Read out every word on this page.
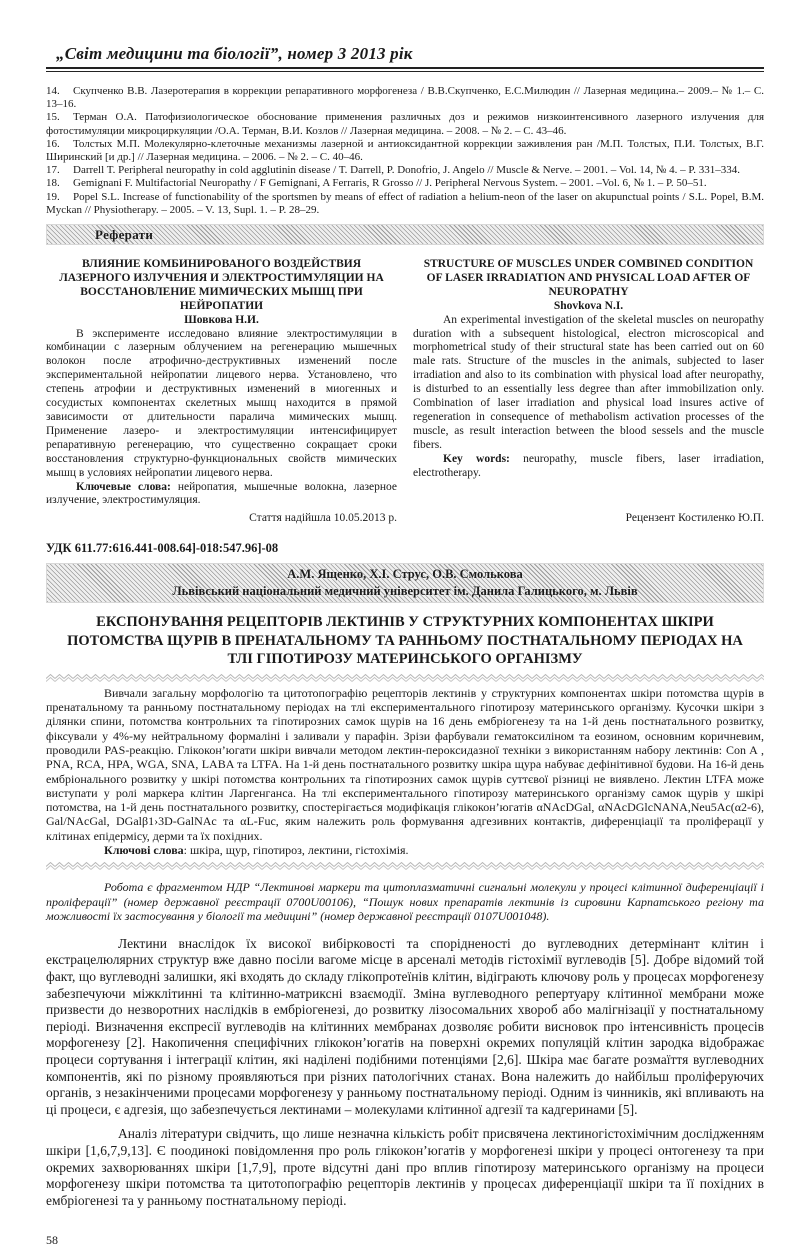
„Світ медицини та біології”, номер 3 2013 рік

14. Скупченко В.В. Лазеротерапия в коррекции репаративного морфогенеза / В.В.Скупченко, Е.С.Милюдин // Лазерная медицина.– 2009.– № 1.– С. 13–16.

15. Терман О.А. Патофизиологическое обоснование применения различных доз и режимов низкоинтенсивного лазерного излучения для фотостимуляции микроциркуляции /О.А. Терман, В.И. Козлов // Лазерная медицина. – 2008. – № 2. – С. 43–46.

16. Толстых М.П. Молекулярно-клеточные механизмы лазерной и антиоксидантной коррекции заживления ран /М.П. Толстых, П.И. Толстых, В.Г. Ширинский [и др.] // Лазерная медицина. – 2006. – № 2. – С. 40–46.

17. Darrell T. Peripheral neuropathy in cold agglutinin disease / T. Darrell, P. Donofrio, J. Angelo // Muscle & Nerve. – 2001. – Vol. 14, № 4. – P. 331–334.

18. Gemignani F. Multifactorial Neuropathy / F Gemignani, A Ferraris, R Grosso // J. Peripheral Nervous System. – 2001. –Vol. 6, № 1. – P. 50–51.

19. Popel S.L. Increase of functionability of the sportsmen by means of effect of radiation a helium-neon of the laser on akupunctual points / S.L. Popel, B.M. Myckan // Physiotherapy. – 2005. – V. 13, Supl. 1. – P. 28–29.

Реферати
ВЛИЯНИЕ КОМБИНИРОВАНОГО ВОЗДЕЙСТВИЯ ЛАЗЕРНОГО ИЗЛУЧЕНИЯ И ЭЛЕКТРОСТИМУЛЯЦИИ НА ВОССТАНОВЛЕНИЕ МИМИЧЕСКИХ МЫШЦ ПРИ НЕЙРОПАТИИ
Шовкова Н.И.

В эксперименте исследовано влияние электростимуляции в комбинации с лазерным облучением на регенерацию мышечных волокон после атрофично-деструктивных изменений после экспериментальной нейропатии лицевого нерва. Установлено, что степень атрофии и деструктивных изменений в миогенных и сосудистых компонентах скелетных мышц находится в прямой зависимости от длительности паралича мимических мышц. Применение лазеро- и электростимуляции интенсифицирует репаративную регенерацию, что существенно сокращает сроки восстановления структурно-функциональных свойств мимических мышц в условиях нейропатии лицевого нерва.

Ключевые слова: нейропатия, мышечные волокна, лазерное излучение, электростимуляция.

Стаття надійшла 10.05.2013 р.
STRUCTURE OF MUSCLES UNDER COMBINED CONDITION OF LASER IRRADIATION AND PHYSICAL LOAD AFTER OF NEUROPATHY
Shovkova N.I.

An experimental investigation of the skeletal muscles on neuropathy duration with a subsequent histological, electron microscopical and morphometrical study of their structural state has been carried out on 60 male rats. Structure of the muscles in the animals, subjected to laser irradiation and also to its combination with physical load after neuropathy, is disturbed to an essentially less degree than after immobilization only. Combination of laser irradiation and physical load insures active of regeneration in consequence of methabolism activation processes of the muscle, as result interaction between the blood sessels and the muscle fibers.

Key words: neuropathy, muscle fibers, laser irradiation, electrotherapy.

Рецензент Костиленко Ю.П.
УДК 611.77:616.441-008.64]-018:547.96]-08
А.М. Ященко, Х.І. Струс, О.В. Смолькова
Львівський національний медичний університет ім. Данила Галицького, м. Львів
ЕКСПОНУВАННЯ РЕЦЕПТОРІВ ЛЕКТИНІВ У СТРУКТУРНИХ КОМПОНЕНТАХ ШКІРИ ПОТОМСТВА ЩУРІВ В ПРЕНАТАЛЬНОМУ ТА РАННЬОМУ ПОСТНАТАЛЬНОМУ ПЕРІОДАХ НА ТЛІ ГІПОТИРОЗУ МАТЕРИНСЬКОГО ОРГАНІЗМУ

Вивчали загальну морфологію та цитотопографію рецепторів лектинів у структурних компонентах шкіри потомства щурів в пренатальному та ранньому постнатальному періодах на тлі експериментального гіпотирозу материнського організму. Кусочки шкіри з ділянки спини, потомства контрольних та гіпотирозних самок щурів на 16 день ембріогенезу та на 1-й день постнатального розвитку, фіксували у 4%-му нейтральному формаліні і заливали у парафін. Зрізи фарбували гематоксиліном та еозином, основним коричневим, проводили PAS-реакцію. Глікокон’югати шкіри вивчали методом лектин-пероксидазної техніки з використанням набору лектинів: Con A , PNA, RCA, HPA, WGA, SNA, LABA та LTFA. На 1-й день постнатального розвитку шкіра щура набуває дефінітивної будови. На 16-й день ембріонального розвитку у шкірі потомства контрольних та гіпотирозних самок щурів суттєвої різниці не виявлено. Лектин LTFA може виступати у ролі маркера клітин Ларгенганса. На тлі експериментального гіпотирозу материнського організму самок щурів у шкірі потомства, на 1-й день постнатального розвитку, спостерігається модифікація глікокон’югатів αNAcDGal, αNAcDGlcNANA,Neu5Ac(α2-6), Gal/NAcGal, DGalβ1›3D-GalNAc та αL-Fuc, яким належить роль формування адгезивних контактів, диференціації та проліферації у клітинах епідермісу, дерми та їх похідних.

Ключові слова: шкіра, щур, гіпотироз, лектини, гістохімія.

Робота є фрагментом НДР “Лектинові маркери та цитоплазматичні сигнальні молекули у процесі клітинної диференціації і проліферації” (номер державної реєстрації 0700U00106), “Пошук нових препаратів лектинів із сировини Карпатського регіону та можливості їх застосування у біології та медицині” (номер державної реєстрації 0107U001048).

Лектини внаслідок їх високої вибірковості та спорідненості до вуглеводних детермінант клітин і екстрацелюлярних структур вже давно посіли вагоме місце в арсеналі методів гістохімії вуглеводів [5]. Добре відомий той факт, що вуглеводні залишки, які входять до складу глікопротеїнів клітин, відіграють ключову роль у процесах морфогенезу забезпечуючи міжклітинні та клітинно-матриксні взаємодії. Зміна вуглеводного репертуару клітинної мембрани може призвести до незворотних наслідків в ембріогенезі, до розвитку лізосомальних хвороб або малігнізації у постнатальному періоді. Визначення експресії вуглеводів на клітинних мембранах дозволяє робити висновок про інтенсивність процесів морфогенезу [2]. Накопичення специфічних глікокон’югатів на поверхні окремих популяцій клітин зародка відображає процеси сортування і інтеграції клітин, які наділені подібними потенціями [2,6]. Шкіра має багате розмаїття вуглеводних компонентів, які по різному проявляються при різних патологічних станах. Вона належить до найбільш проліферуючих органів, з незакінченими процесами морфогенезу у ранньому постнатальному періоді. Одним із чинників, які впливають на ці процеси, є адгезія, що забезпечується лектинами – молекулами клітинної адгезії та кадгеринами [5].

Аналіз літератури свідчить, що лише незначна кількість робіт присвячена лектиногістохімічним дослідженням шкіри [1,6,7,9,13]. Є поодинокі повідомлення про роль глікокон’югатів у морфогенезі шкіри у процесі онтогенезу та при окремих захворюваннях шкіри [1,7,9], проте відсутні дані про вплив гіпотирозу материнського організму на процеси морфогенезу шкіри потомства та цитотопографію рецепторів лектинів у процесах диференціації шкіри та її похідних в ембріогенезі та у ранньому постнатальному періоді.

58
